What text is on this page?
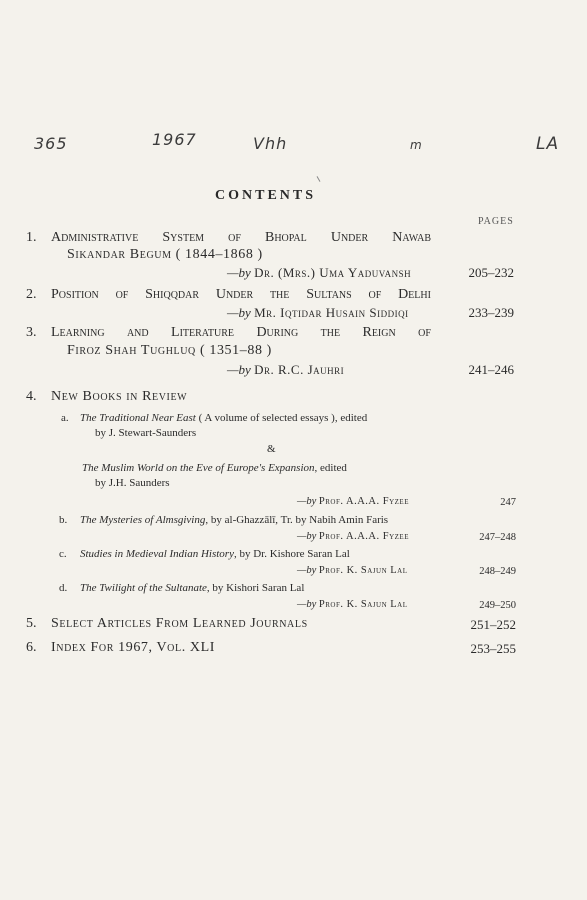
365	1967	Vhh	m	LA
CONTENTS
PAGES
1. Administrative System of Bhopal Under Nawab
Sikandar Begum ( 1844–1868 )
—by Dr. (Mrs.) Uma Yaduvansh	205–232
2. Position of Shiqqdar Under the Sultans of Delhi
—by Mr. Iqtidar Husain Siddiqi	233–239
3. Learning and Literature During the Reign of
Firoz Shah Tughluq ( 1351–88 )
—by Dr. R.C. Jauhri	241–246
4. New Books in Review
a. The Traditional Near East ( A volume of selected essays ), edited
by J. Stewart-Saunders
&
The Muslim World on the Eve of Europe's Expansion, edited
by J.H. Saunders
—by Prof. A.A.A. Fyzee	247
b. The Mysteries of Almsgiving, by al-Ghazzālī, Tr. by Nabih Amin Faris
—by Prof. A.A.A. Fyzee	247–248
c. Studies in Medieval Indian History, by Dr. Kishore Saran Lal
—by Prof. K. Sajun Lal	248–249
d. The Twilight of the Sultanate, by Kishori Saran Lal
—by Prof. K. Sajun Lal	249–250
5. Select Articles From Learned Journals	251–252
6. Index For 1967, Vol. XLI	253–255
